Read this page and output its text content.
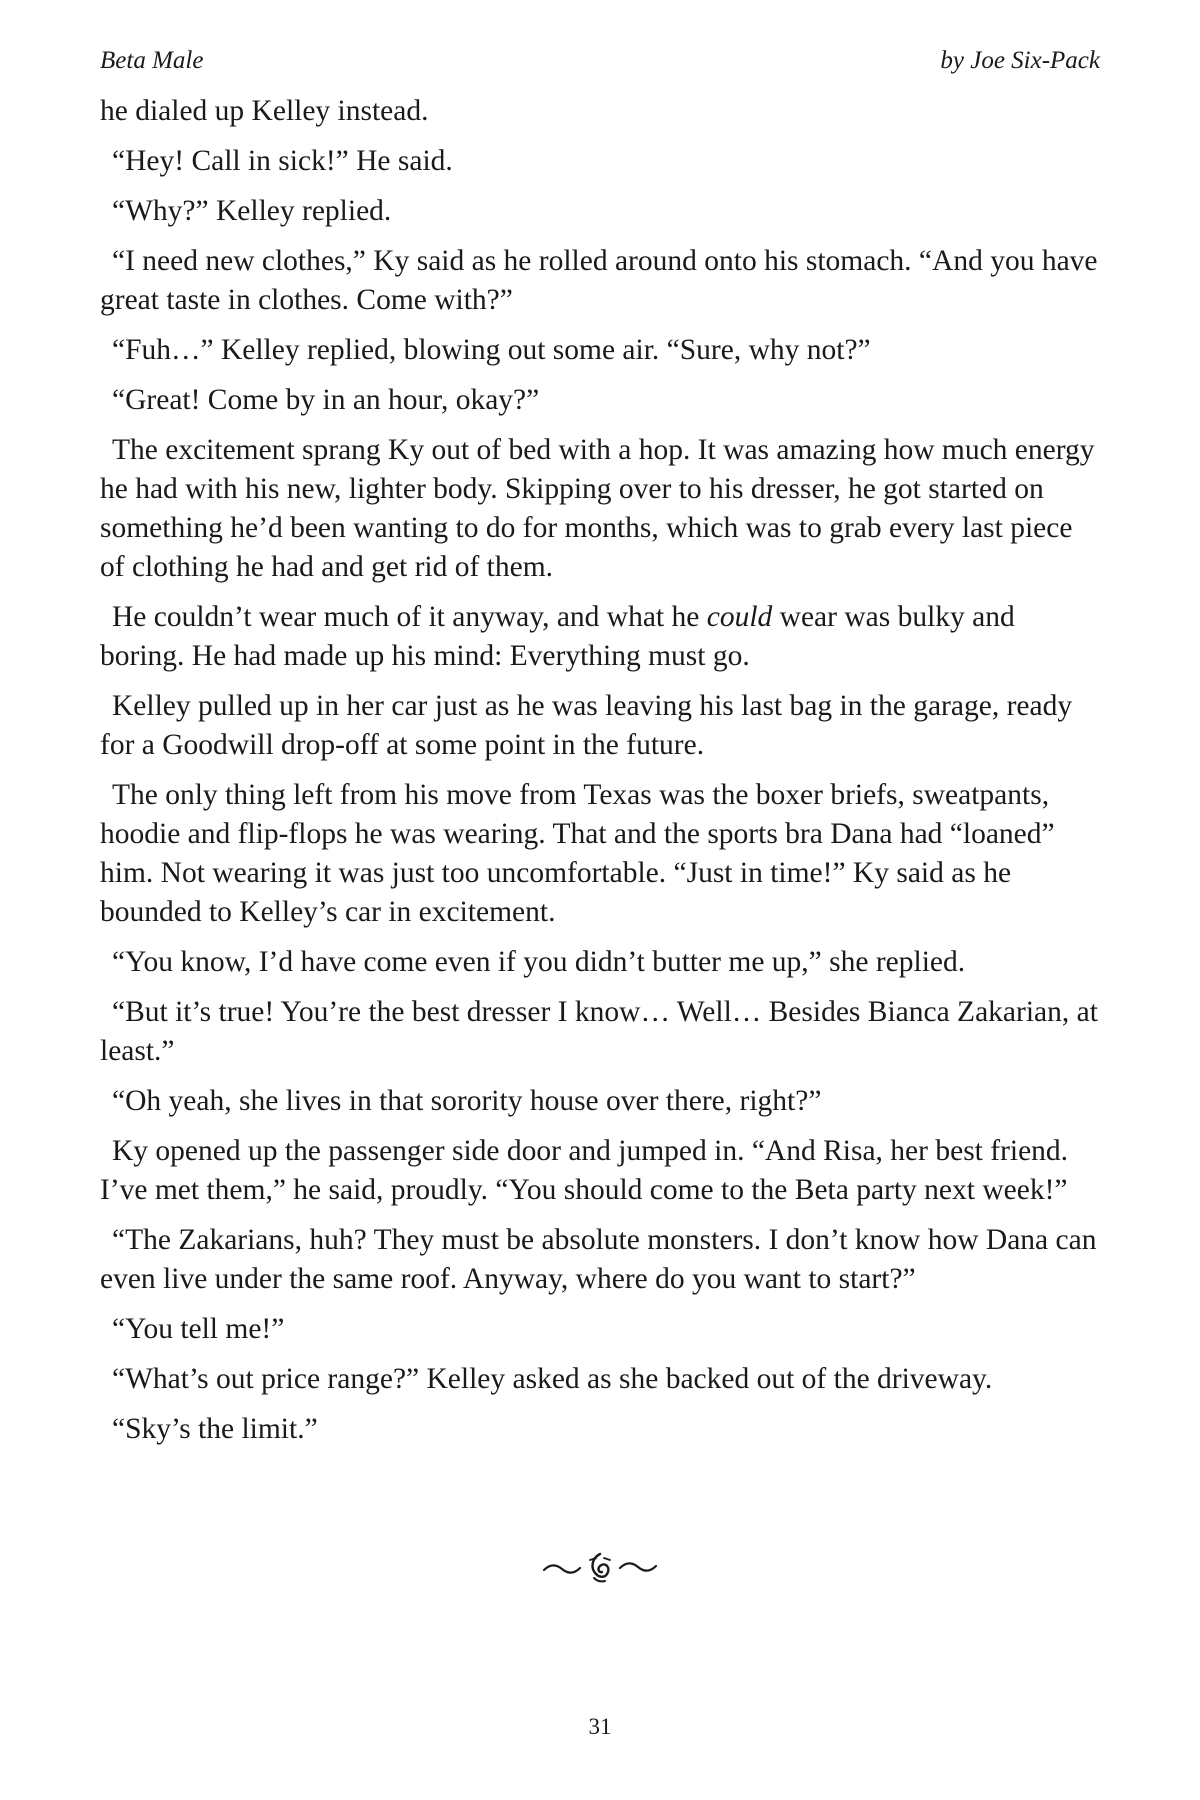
Beta Male	by Joe Six-Pack

he dialed up Kelley instead.

“Hey! Call in sick!” He said.

“Why?” Kelley replied.

“I need new clothes,” Ky said as he rolled around onto his stomach. “And you have great taste in clothes. Come with?”

“Fuh…” Kelley replied, blowing out some air. “Sure, why not?”

“Great! Come by in an hour, okay?”

The excitement sprang Ky out of bed with a hop. It was amazing how much energy he had with his new, lighter body. Skipping over to his dresser, he got started on something he’d been wanting to do for months, which was to grab every last piece of clothing he had and get rid of them.

He couldn’t wear much of it anyway, and what he could wear was bulky and boring. He had made up his mind: Everything must go.

Kelley pulled up in her car just as he was leaving his last bag in the garage, ready for a Goodwill drop-off at some point in the future.

The only thing left from his move from Texas was the boxer briefs, sweatpants, hoodie and flip-flops he was wearing. That and the sports bra Dana had “loaned” him. Not wearing it was just too uncomfortable. “Just in time!” Ky said as he bounded to Kelley’s car in excitement.

“You know, I’d have come even if you didn’t butter me up,” she replied.

“But it’s true! You’re the best dresser I know… Well… Besides Bianca Zakarian, at least.”

“Oh yeah, she lives in that sorority house over there, right?”

Ky opened up the passenger side door and jumped in. “And Risa, her best friend. I’ve met them,” he said, proudly. “You should come to the Beta party next week!”

“The Zakarians, huh? They must be absolute monsters. I don’t know how Dana can even live under the same roof. Anyway, where do you want to start?”

“You tell me!”

“What’s out price range?” Kelley asked as she backed out of the driveway.

“Sky’s the limit.”

31
